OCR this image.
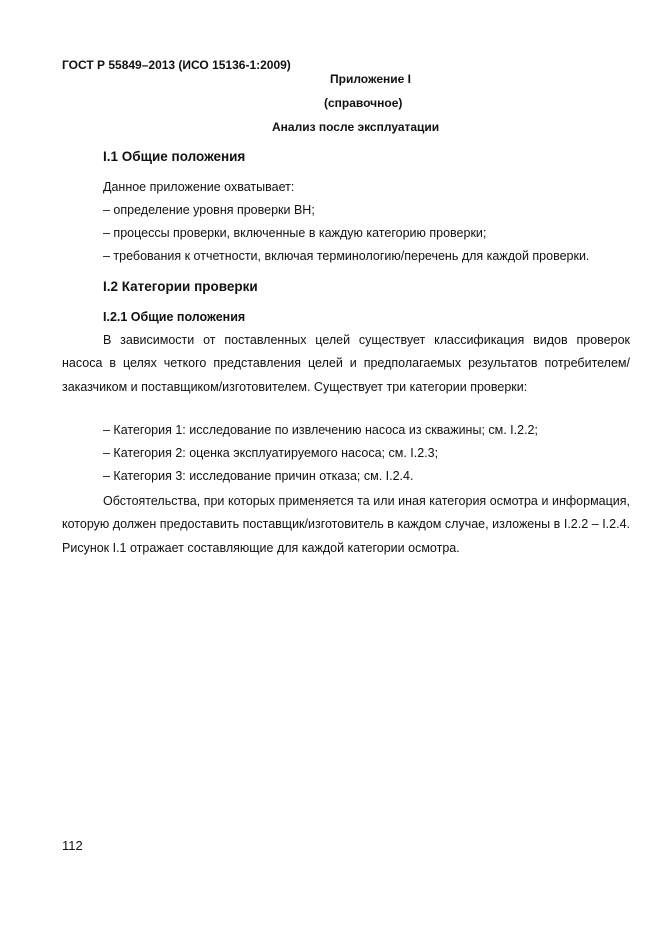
ГОСТ Р 55849–2013 (ИСО 15136-1:2009)
Приложение I
(справочное)
Анализ после эксплуатации
I.1 Общие положения
Данное приложение охватывает:
– определение уровня проверки ВН;
– процессы проверки, включенные в каждую категорию проверки;
– требования к отчетности, включая терминологию/перечень для каждой проверки.
I.2 Категории проверки
I.2.1 Общие положения
В зависимости от поставленных целей существует классификация видов проверок насоса в целях четкого представления целей и предполагаемых результатов потребителем/заказчиком и поставщиком/изготовителем. Существует три категории проверки:
– Категория 1: исследование по извлечению насоса из скважины; см. I.2.2;
– Категория 2: оценка эксплуатируемого насоса; см. I.2.3;
– Категория 3: исследование причин отказа; см. I.2.4.
Обстоятельства, при которых применяется та или иная категория осмотра и информация, которую должен предоставить поставщик/изготовитель в каждом случае, изложены в I.2.2 – I.2.4. Рисунок I.1 отражает составляющие для каждой категории осмотра.
112
